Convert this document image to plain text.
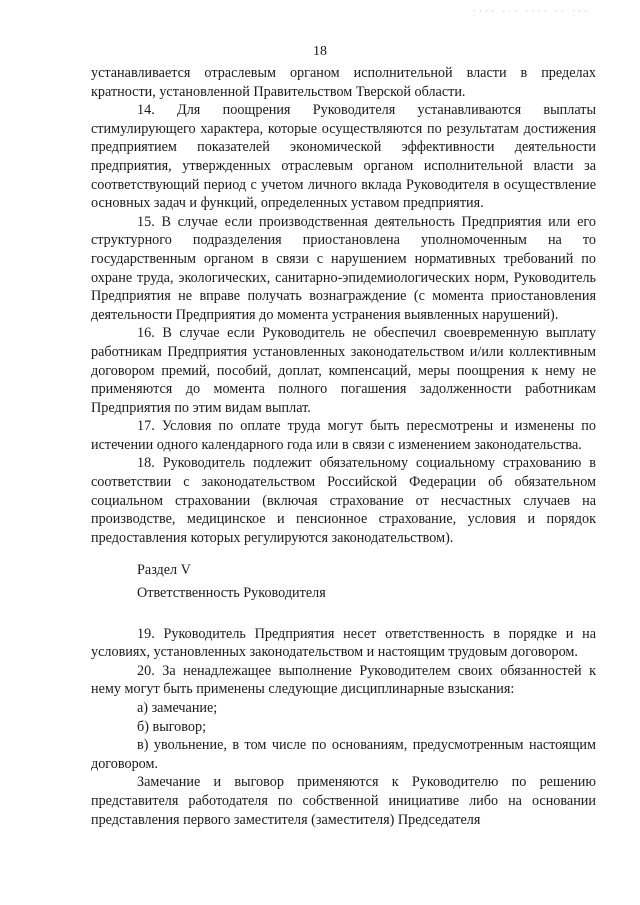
···· ··· ···· ·· ···
18

устанавливается отраслевым органом исполнительной власти в пределах кратности, установленной Правительством Тверской области.

14. Для поощрения Руководителя устанавливаются выплаты стимулирующего характера, которые осуществляются по результатам достижения предприятием показателей экономической эффективности деятельности предприятия, утвержденных отраслевым органом исполнительной власти за соответствующий период с учетом личного вклада Руководителя в осуществление основных задач и функций, определенных уставом предприятия.

15. В случае если производственная деятельность Предприятия или его структурного подразделения приостановлена уполномоченным на то государственным органом в связи с нарушением нормативных требований по охране труда, экологических, санитарно-эпидемиологических норм, Руководитель Предприятия не вправе получать вознаграждение (с момента приостановления деятельности Предприятия до момента устранения выявленных нарушений).

16. В случае если Руководитель не обеспечил своевременную выплату работникам Предприятия установленных законодательством и/или коллективным договором премий, пособий, доплат, компенсаций, меры поощрения к нему не применяются до момента полного погашения задолженности работникам Предприятия по этим видам выплат.

17. Условия по оплате труда могут быть пересмотрены и изменены по истечении одного календарного года или в связи с изменением законодательства.

18. Руководитель подлежит обязательному социальному страхованию в соответствии с законодательством Российской Федерации об обязательном социальном страховании (включая страхование от несчастных случаев на производстве, медицинское и пенсионное страхование, условия и порядок предоставления которых регулируются законодательством).

Раздел V

Ответственность Руководителя

19. Руководитель Предприятия несет ответственность в порядке и на условиях, установленных законодательством и настоящим трудовым договором.

20. За ненадлежащее выполнение Руководителем своих обязанностей к нему могут быть применены следующие дисциплинарные взыскания:

а) замечание;

б) выговор;

в) увольнение, в том числе по основаниям, предусмотренным настоящим договором.

Замечание и выговор применяются к Руководителю по решению представителя работодателя по собственной инициативе либо на основании представления первого заместителя (заместителя) Председателя
